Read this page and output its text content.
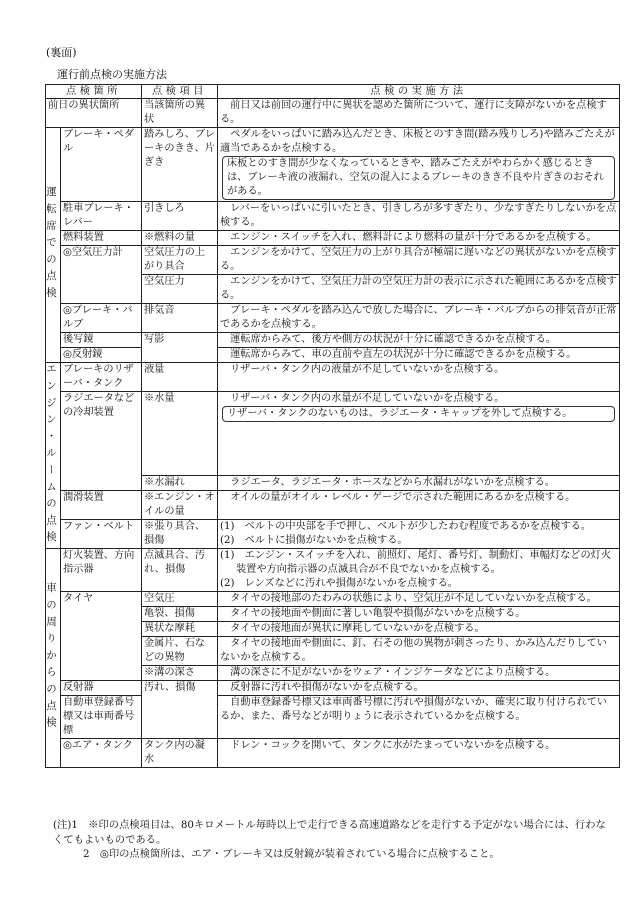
(裏面)
運行前点検の実施方法
点検箇所		点検項目	点検の実施方法
前日の異状箇所		当該箇所の異状	　前日又は前回の運行中に異状を認めた箇所について、運行に支障がないかを点検する。
運転席での点検	ブレーキ・ペダル	踏みしろ、ブレーキのきき、片ぎき	　ペダルをいっぱいに踏み込んだとき、床板とのすき間(踏み残りしろ)や踏みごたえが適当であるかを点検する。
床板とのすき間が少なくなっているときや、踏みごたえがやわらかく感じるときは、ブレーキ液の液漏れ、空気の混入によるブレーキのきき不良や片ぎきのおそれがある。

	駐車ブレーキ・レバー	引きしろ	　レバーをいっぱいに引いたとき、引きしろが多すぎたり、少なすぎたりしないかを点検する。
	燃料装置	※燃料の量	　エンジン・スイッチを入れ、燃料計により燃料の量が十分であるかを点検する。
	◎空気圧力計	空気圧力の上がり具合	　エンジンをかけて、空気圧力の上がり具合が極端に遅いなどの異状がないかを点検する。
		空気圧力	　エンジンをかけて、空気圧力計の空気圧力計の表示に示された範囲にあるかを点検する。
	◎ブレーキ・バルブ	排気音	　ブレーキ・ペダルを踏み込んで放した場合に、ブレーキ・バルブからの排気音が正常であるかを点検する。
	後写鏡	写影	　運転席からみて、後方や側方の状況が十分に確認できるかを点検する。
	◎反射鏡		　運転席からみて、車の直前や直左の状況が十分に確認できるかを点検する。
エンジン・ルームの点検	ブレーキのリザーバ・タンク	液量	　リザーバ・タンク内の液量が不足していないかを点検する。
	ラジエータなどの冷却装置	※水量	　リザーバ・タンク内の水量が不足していないかを点検する。
リザーバ・タンクのないものは、ラジエータ・キャップを外して点検する。

		※水漏れ	　ラジエータ、ラジエータ・ホースなどから水漏れがないかを点検する。
	潤滑装置	※エンジン・オイルの量	　オイルの量がオイル・レベル・ゲージで示された範囲にあるかを点検する。
	ファン・ベルト	※張り具合、損傷	(1)　ベルトの中央部を手で押し、ベルトが少したわむ程度であるかを点検する。
(2)　ベルトに損傷がないかを点検する。

車の周りからの点検	灯火装置、方向指示器	点滅具合、汚れ、損傷	(1)　エンジン・スイッチを入れ、前照灯、尾灯、番号灯、制動灯、車幅灯などの灯火装置や方向指示器の点滅具合が不良でないかを点検する。
(2)　レンズなどに汚れや損傷がないかを点検する。

	タイヤ	空気圧	　タイヤの接地部のたわみの状態により、空気圧が不足していないかを点検する。
		亀裂、損傷	　タイヤの接地面や側面に著しい亀裂や損傷がないかを点検する。
		異状な摩耗	　タイヤの接地面が異状に摩耗していないかを点検する。
		金属片、石などの異物	　タイヤの接地面や側面に、釘、石その他の異物が刺さったり、かみ込んだりしていないかを点検する。
		※溝の深さ	　溝の深さに不足がないかをウェア・インジケータなどにより点検する。
	反射器	汚れ、損傷	　反射器に汚れや損傷がないかを点検する。
	自動車登録番号標又は車両番号標		　自動車登録番号標又は車両番号標に汚れや損傷がないか、確実に取り付けられているか、また、番号などが明りょうに表示されているかを点検する。
	◎エア・タンク	タンク内の凝水	　ドレン・コックを開いて、タンクに水がたまっていないかを点検する。
(注)1　※印の点検項目は、80キロメートル毎時以上で走行できる高速道路などを走行する予定がない場合には、行わなくてもよいものである。
2　◎印の点検箇所は、エア・ブレーキ又は反射鏡が装着されている場合に点検すること。
